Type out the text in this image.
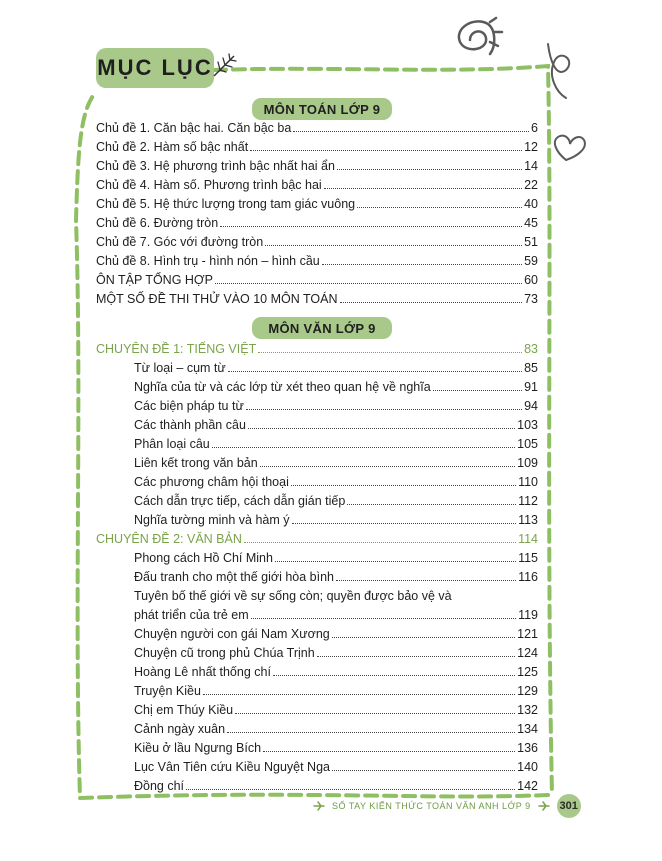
MỤC LỤC
MÔN TOÁN LỚP 9
Chủ đề 1. Căn bậc hai. Căn bậc ba	6
Chủ đề 2. Hàm số bậc nhất	12
Chủ đề 3. Hệ phương trình bậc nhất hai ẩn	14
Chủ đề 4. Hàm số. Phương trình bậc hai	22
Chủ đề 5. Hệ thức lượng trong tam giác vuông	40
Chủ đề 6. Đường tròn	45
Chủ đề 7. Góc với đường tròn	51
Chủ đề 8. Hình trụ - hình nón – hình cầu	59
ÔN TẬP TỔNG HỢP	60
MỘT SỐ ĐỀ THI THỬ VÀO 10 MÔN TOÁN	73
MÔN VĂN LỚP 9
CHUYÊN ĐỀ 1: TIẾNG VIỆT	83
Từ loại – cụm từ	85
Nghĩa của từ và các lớp từ xét theo quan hệ về nghĩa	91
Các biện pháp tu từ	94
Các thành phần câu	103
Phân loại câu	105
Liên kết trong văn bản	109
Các phương châm hội thoại	110
Cách dẫn trực tiếp, cách dẫn gián tiếp	112
Nghĩa tường minh và hàm ý	113
CHUYÊN ĐỀ 2: VĂN BẢN	114
Phong cách Hồ Chí Minh	115
Đấu tranh cho một thế giới hòa bình	116
Tuyên bố thế giới về sự sống còn; quyền được bảo vệ và
phát triển của trẻ em	119
Chuyện người con gái Nam Xương	121
Chuyện cũ trong phủ Chúa Trịnh	124
Hoàng Lê nhất thống chí	125
Truyện Kiều	129
Chị em Thúy Kiều	132
Cảnh ngày xuân	134
Kiều ở lầu Ngưng Bích	136
Lục Vân Tiên cứu Kiều Nguyệt Nga	140
Đồng chí	142
SỔ TAY KIẾN THỨC TOÁN VĂN ANH LỚP 9	301
